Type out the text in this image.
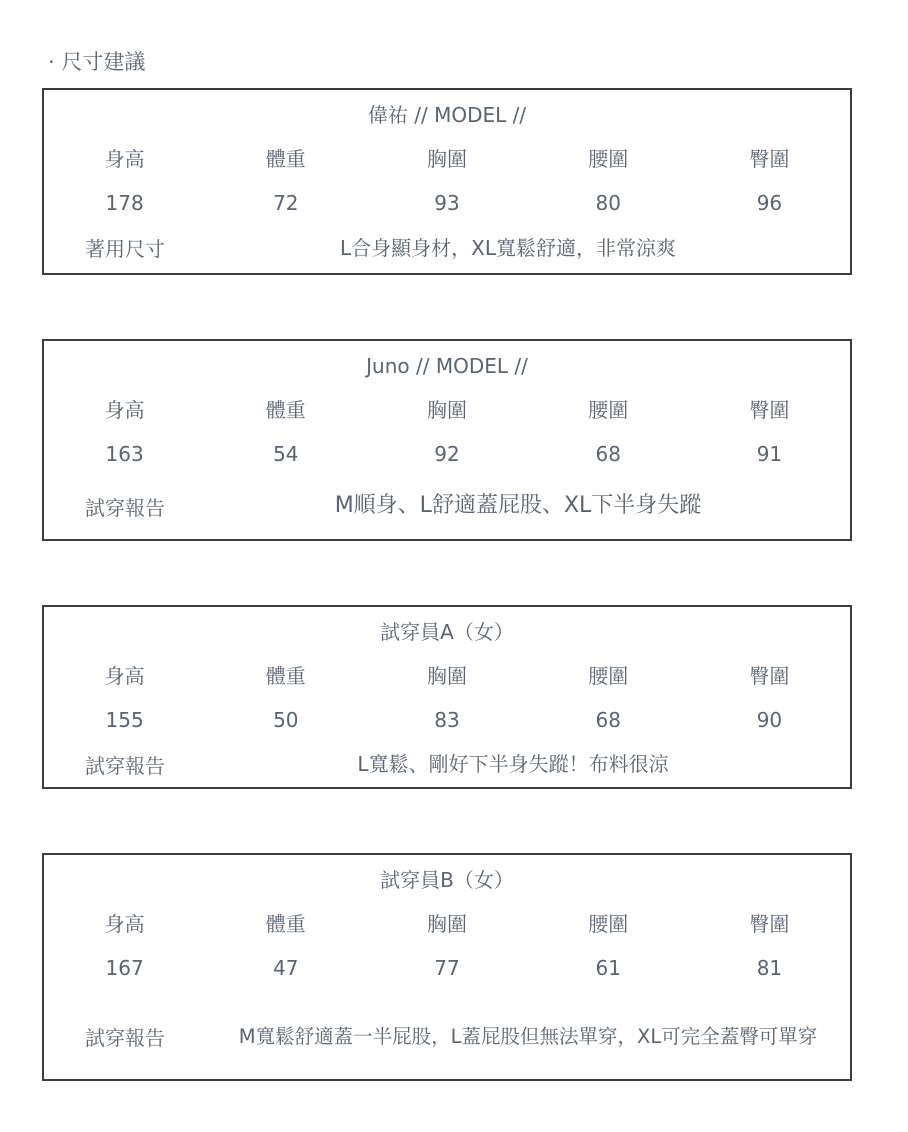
· 尺寸建議
偉祐 // MODEL //
身高	體重	胸圍	腰圍	臀圍
178	72	93	80	96
著用尺寸	L合身顯身材，XL寬鬆舒適，非常涼爽
Juno // MODEL //
身高	體重	胸圍	腰圍	臀圍
163	54	92	68	91
試穿報告	M順身、L舒適蓋屁股、XL下半身失蹤
試穿員A（女）
身高	體重	胸圍	腰圍	臀圍
155	50	83	68	90
試穿報告	L寬鬆、剛好下半身失蹤！布料很涼
試穿員B（女）
身高	體重	胸圍	腰圍	臀圍
167	47	77	61	81
試穿報告	M寬鬆舒適蓋一半屁股，L蓋屁股但無法單穿，XL可完全蓋臀可單穿
